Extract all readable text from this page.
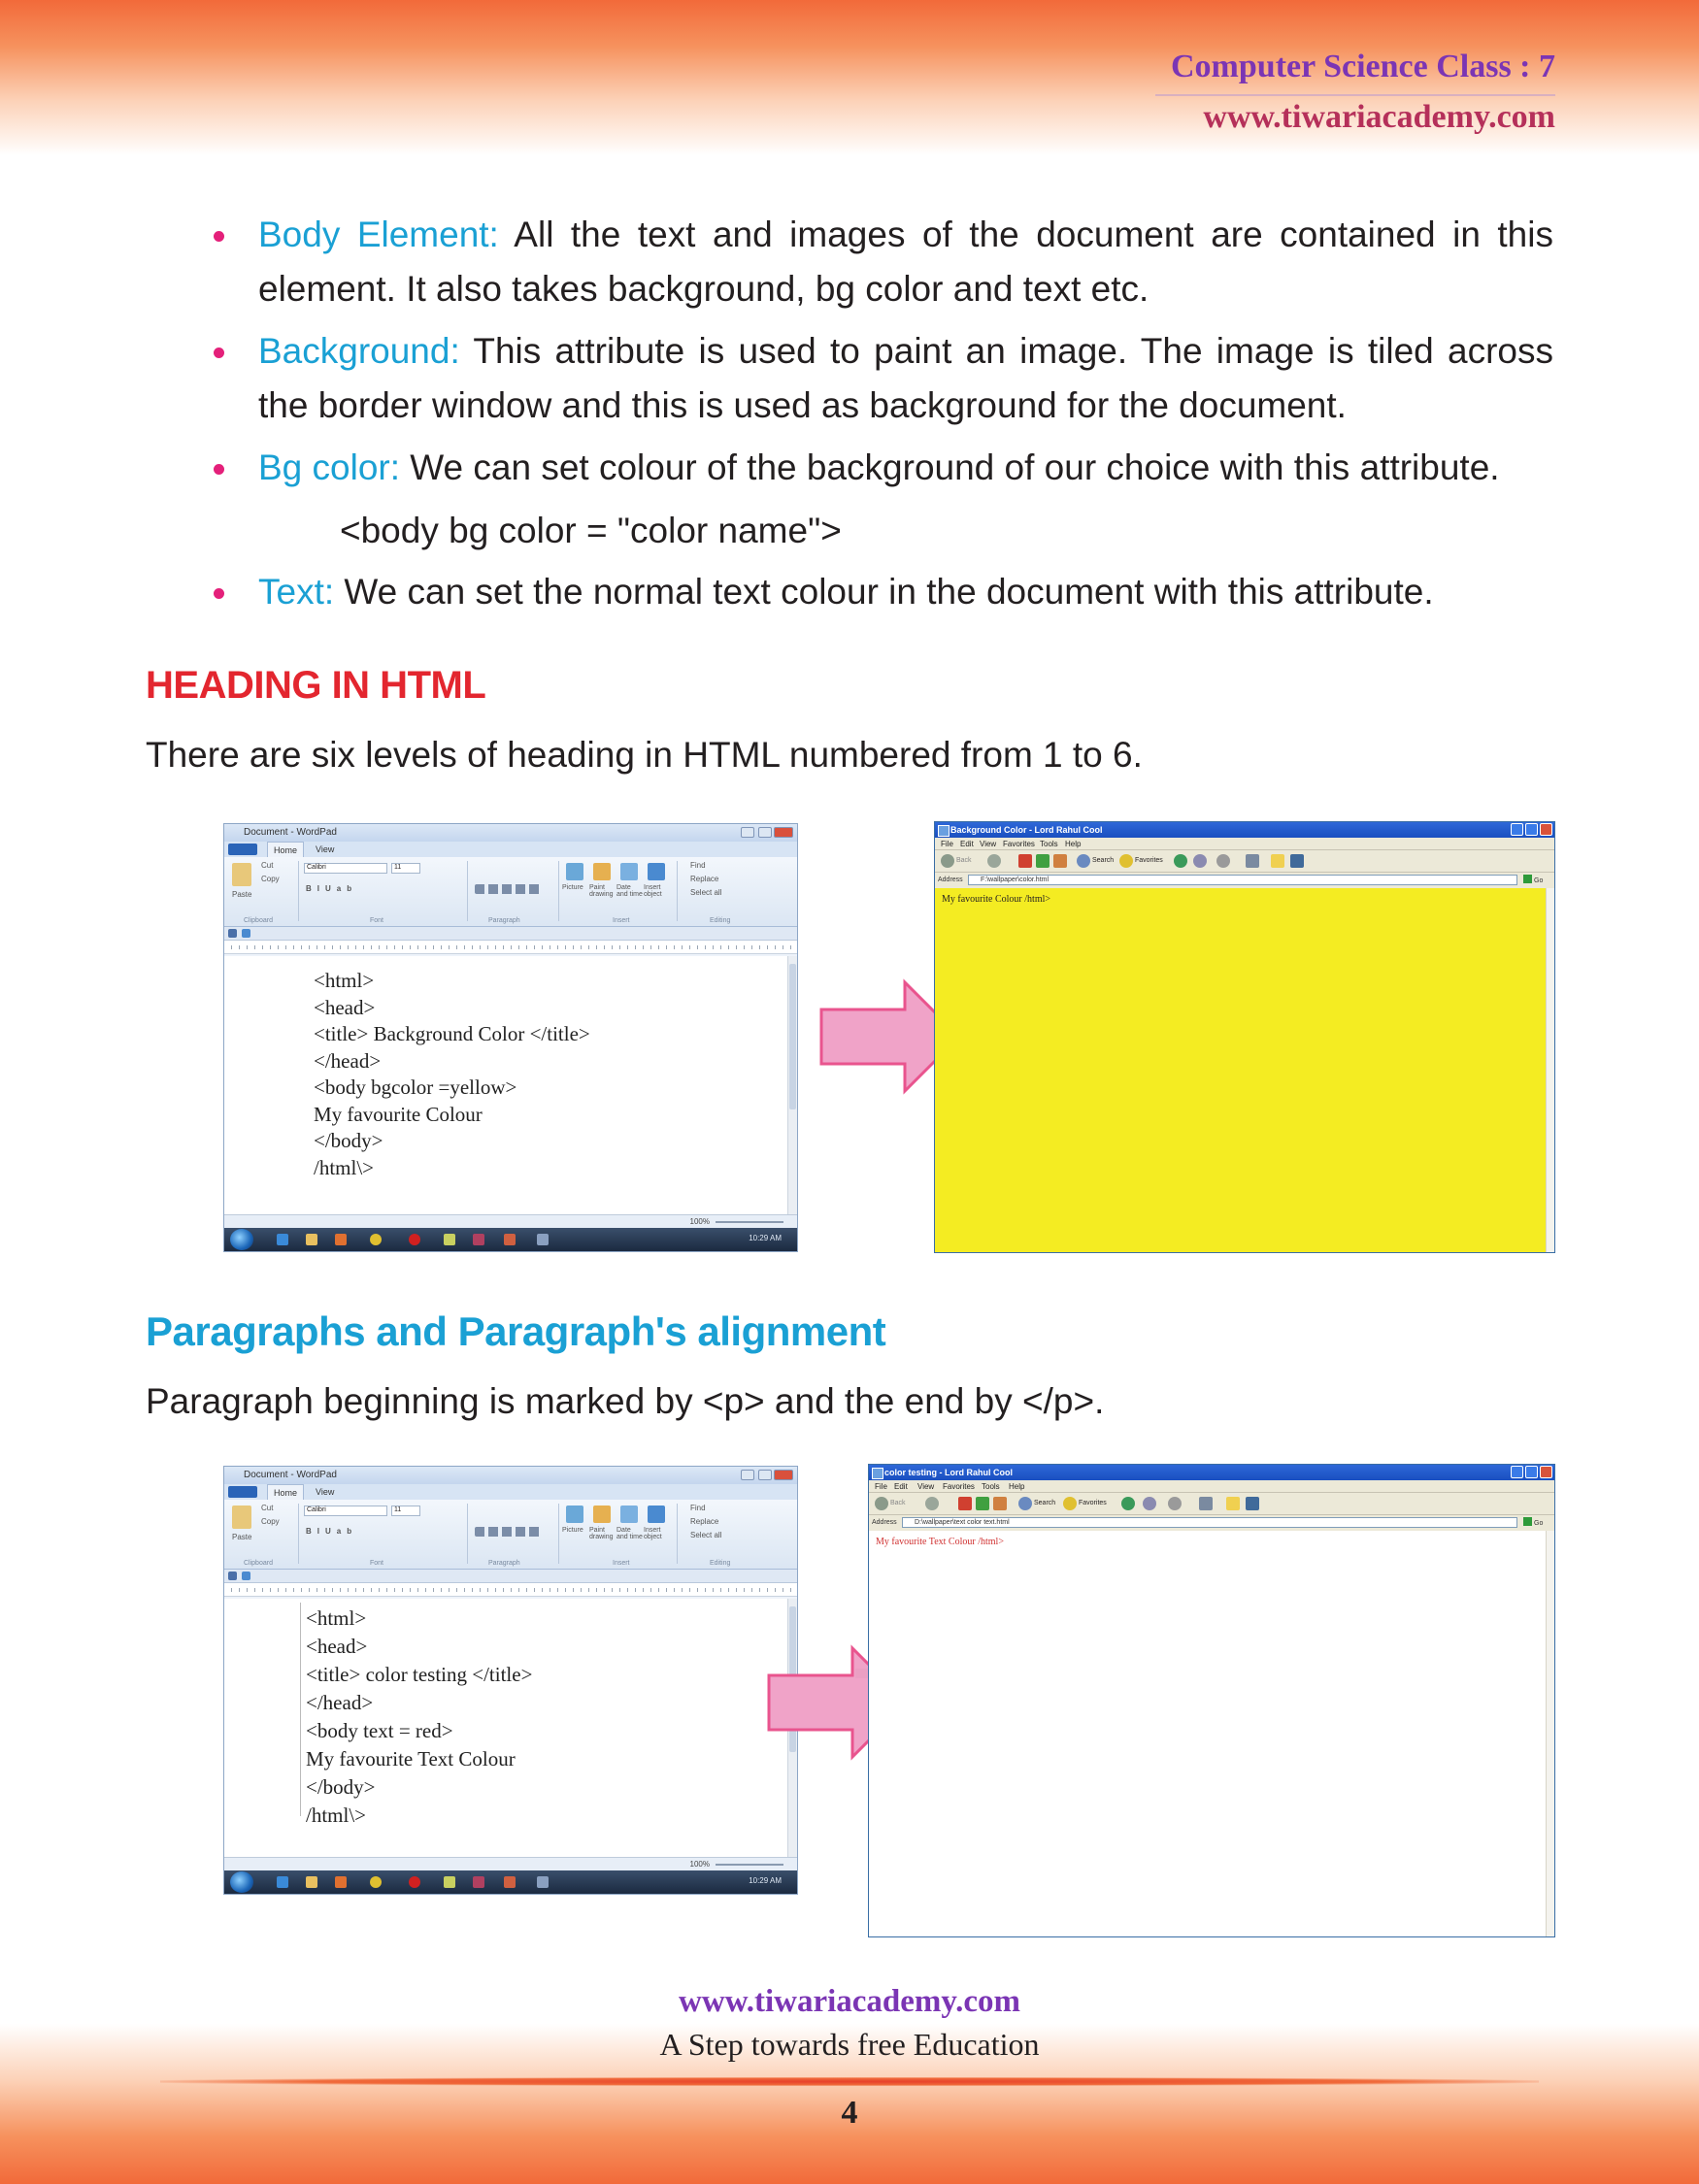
Computer Science Class : 7
www.tiwariacademy.com
Body Element: All the text and images of the document are contained in this element. It also takes background, bg color and text etc.
Background: This attribute is used to paint an image. The image is tiled across the border window and this is used as background for the document.
Bg color: We can set colour of the background of our choice with this attribute.
Text: We can set the normal text colour in the document with this attribute.
<body bg color = "color name">
HEADING IN HTML
There are six levels of heading in HTML numbered from 1 to 6.
Document - WordPad
Home	View
Paste
Cut
Copy
Clipboard
Calibri	11
BIUab
Font	Paragraph
Picture Paint drawing
Date and time
Insert object
Insert
Find
Replace
Select all
Editing
<html>
<head>
<title> Background Color </title>
</head>
<body bgcolor =yellow>
My favourite Colour
</body>
/html\>
100%
10:29 AM
Background Color - Lord Rahul Cool
File Edit View Favorites Tools Help
Back	Search	Favorites
Address	F:\wallpaper\color.html	Go
My favourite Colour /html>
Paragraphs and Paragraph's alignment
Paragraph beginning is marked by <p> and the end by </p>.
Document - WordPad
Home	View
Paste
Cut
Copy
Clipboard
Calibri	11
BIUab
Font	Paragraph
Picture Paint drawing
Date and time
Insert object
Insert
Find
Replace
Select all
Editing
<html>
<head>
<title> color testing </title>
</head>
<body text = red>
My favourite Text Colour
</body>
/html\>
100%
10:29 AM
color testing - Lord Rahul Cool
File Edit View Favorites Tools Help
Back	Search	Favorites
Address	D:\wallpaper\text color text.html	Go
My favourite Text Colour /html>
www.tiwariacademy.com
A Step towards free Education
4
